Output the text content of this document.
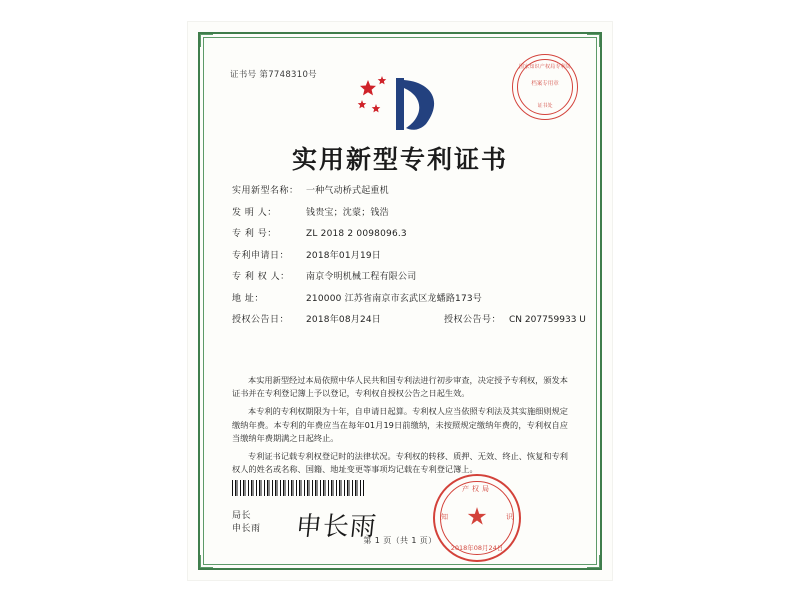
证书号 第7748310号
国家知识产权局专利局
档案专用章
证书处
实用新型专利证书
实用新型名称： 一种气动桥式起重机
发 明 人：	钱贵宝；沈蒙；钱浩
专 利 号：	ZL 2018 2 0098096.3
专利申请日：	2018年01月19日
专 利 权 人：	南京令明机械工程有限公司
地 址：	210000 江苏省南京市玄武区龙蟠路173号
授权公告日：	2018年08月24日	授权公告号： CN 207759933 U

本实用新型经过本局依照中华人民共和国专利法进行初步审查，决定授予专利权，颁发本证书并在专利登记簿上予以登记，专利权自授权公告之日起生效。

本专利的专利权期限为十年，自申请日起算。专利权人应当依照专利法及其实施细则规定缴纳年费。本专利的年费应当在每年01月19日前缴纳，未按照规定缴纳年费的，专利权自应当缴纳年费期满之日起终止。

专利证书记载专利权登记时的法律状况。专利权的转移、质押、无效、终止、恢复和专利权人的姓名或名称、国籍、地址变更等事项均记载在专利登记簿上。

局长
申长雨 申长雨
产权局
知	识
★
2018年08月24日
第 1 页（共 1 页）
